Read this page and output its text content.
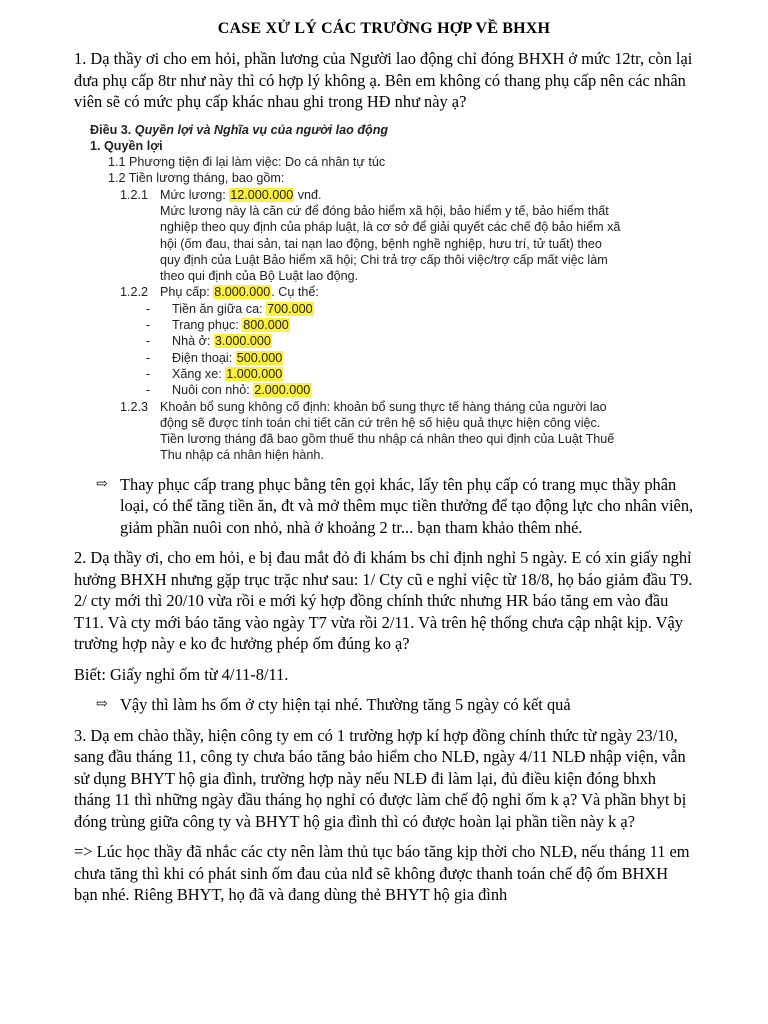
CASE XỬ LÝ CÁC TRƯỜNG HỢP VỀ BHXH

1. Dạ thầy ơi cho em hỏi, phần lương của Người lao động chỉ đóng BHXH ở mức 12tr, còn lại đưa phụ cấp 8tr như này thì có hợp lý không ạ. Bên em không có thang phụ cấp nên các nhân viên sẽ có mức phụ cấp khác nhau ghi trong HĐ như này ạ?

Điều 3. Quyền lợi và Nghĩa vụ của người lao động
1. Quyền lợi
1.1 Phương tiện đi lại làm việc: Do cá nhân tự túc
1.2 Tiền lương tháng, bao gồm:
1.2.1 Mức lương: 12.000.000 vnđ.
Mức lương này là căn cứ để đóng bảo hiểm xã hội, bảo hiểm y tế, bảo hiểm thất
nghiệp theo quy định của pháp luật, là cơ sở để giải quyết các chế độ bảo hiểm xã
hội (ốm đau, thai sản, tai nạn lao động, bệnh nghề nghiệp, hưu trí, tử tuất) theo
quy định của Luật Bảo hiểm xã hội; Chi trả trợ cấp thôi việc/trợ cấp mất việc làm
theo qui định của Bộ Luật lao động.
1.2.2 Phụ cấp: 8.000.000. Cụ thể:
-	Tiền ăn giữa ca: 700.000
-	Trang phục: 800.000
-	Nhà ở: 3.000.000
-	Điện thoại: 500.000
-	Xăng xe: 1.000.000
-	Nuôi con nhỏ: 2.000.000
1.2.3 Khoản bổ sung không cố định: khoản bổ sung thực tế hàng tháng của người lao
động sẽ được tính toán chi tiết căn cứ trên hệ số hiệu quả thực hiện công việc.
Tiền lương tháng đã bao gồm thuế thu nhập cá nhân theo qui định của Luật Thuế
Thu nhập cá nhân hiện hành.
⇨ Thay phục cấp trang phục bằng tên gọi khác, lấy tên phụ cấp có trang mục thầy phân loại, có thể tăng tiền ăn, đt và mở thêm mục tiền thưởng để tạo động lực cho nhân viên, giảm phần nuôi con nhỏ, nhà ở khoảng 2 tr... bạn tham khảo thêm nhé.

2. Dạ thầy ơi, cho em hỏi, e bị đau mắt đỏ đi khám bs chỉ định nghỉ 5 ngày. E có xin giấy nghỉ hưởng BHXH nhưng gặp trục trặc như sau: 1/ Cty cũ e nghỉ việc từ 18/8, họ báo giảm đầu T9. 2/ cty mới thì 20/10 vừa rồi e mới ký hợp đồng chính thức nhưng HR báo tăng em vào đầu T11. Và cty mới báo tăng vào ngày T7 vừa rồi 2/11. Và trên hệ thống chưa cập nhật kịp. Vậy trường hợp này e ko đc hưởng phép ốm đúng ko ạ?

Biết: Giấy nghỉ ốm từ 4/11-8/11.

⇨ Vậy thì làm hs ốm ở cty hiện tại nhé. Thường tăng 5 ngày có kết quả

3. Dạ em chào thầy, hiện công ty em có 1 trường hợp kí hợp đồng chính thức từ ngày 23/10, sang đầu tháng 11, công ty chưa báo tăng bảo hiểm cho NLĐ, ngày 4/11 NLĐ nhập viện, vẫn sử dụng BHYT hộ gia đình, trường hợp này nếu NLĐ đi làm lại, đủ điều kiện đóng bhxh tháng 11 thì những ngày đầu tháng họ nghỉ có được làm chế độ nghỉ ốm k ạ? Và phần bhyt bị đóng trùng giữa công ty và BHYT hộ gia đình thì có được hoàn lại phần tiền này k ạ?

=> Lúc học thầy đã nhắc các cty nên làm thủ tục báo tăng kịp thời cho NLĐ, nếu tháng 11 em chưa tăng thì khi có phát sinh ốm đau của nlđ sẽ không được thanh toán chế độ ốm BHXH bạn nhé. Riêng BHYT, họ đã và đang dùng thẻ BHYT hộ gia đình
